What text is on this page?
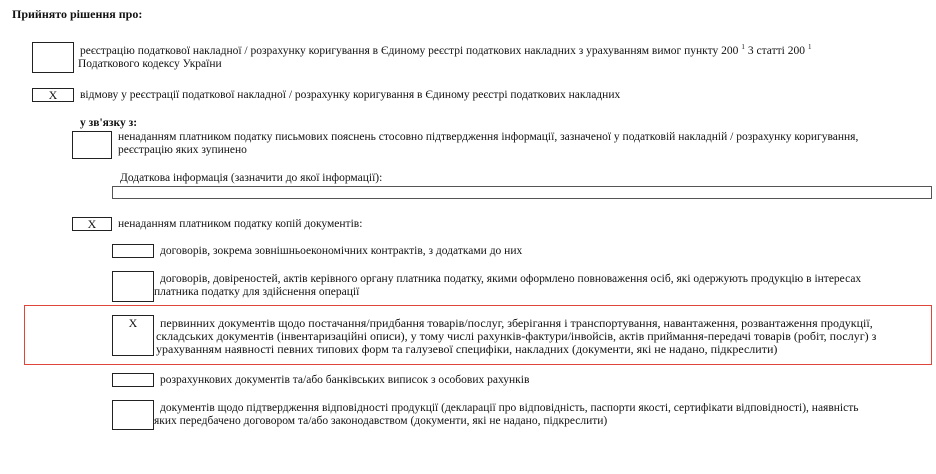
Прийнято рішення про:
реєстрацію податкової накладної / розрахунку коригування в Єдиному реєстрі податкових накладних з урахуванням вимог пункту 200 $^1$ 3 статті 200 $^1$
Податкового кодексу України
X	відмову у реєстрації податкової накладної / розрахунку коригування в Єдиному реєстрі податкових накладних
у зв'язку з:
ненаданням платником податку письмових пояснень стосовно підтвердження інформації, зазначеної у податковій накладній / розрахунку коригування,
реєстрацію яких зупинено
Додаткова інформація (зазначити до якої інформації):
X	ненаданням платником податку копій документів:
договорів, зокрема зовнішньоекономічних контрактів, з додатками до них
договорів, довіреностей, актів керівного органу платника податку, якими оформлено повноваження осіб, які одержують продукцію в інтересах
платника податку для здійснення операції
X	первинних документів щодо постачання/придбання товарів/послуг, зберігання і транспортування, навантаження, розвантаження продукції,
складських документів (інвентаризаційні описи), у тому числі рахунків-фактури/інвойсів, актів приймання-передачі товарів (робіт, послуг) з
урахуванням наявності певних типових форм та галузевої специфіки, накладних (документи, які не надано, підкреслити)
розрахункових документів та/або банківських виписок з особових рахунків
документів щодо підтвердження відповідності продукції (декларації про відповідність, паспорти якості, сертифікати відповідності), наявність
яких передбачено договором та/або законодавством (документи, які не надано, підкреслити)
